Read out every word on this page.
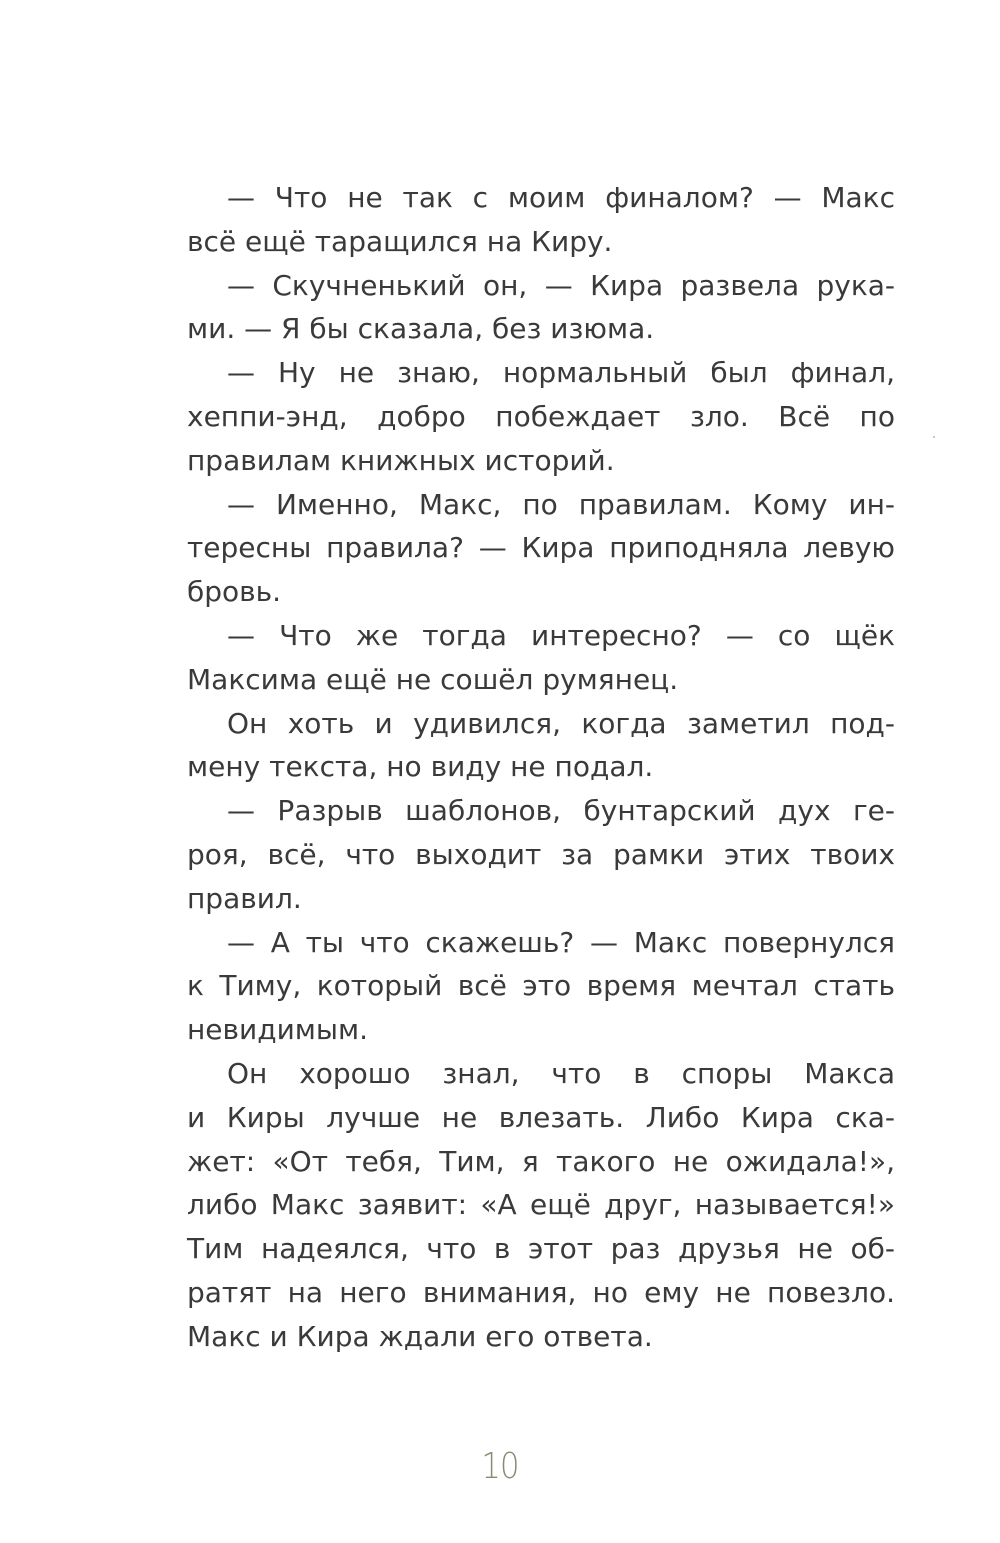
— Что не так с моим финалом? — Макс
всё ещё таращился на Киру.
— Скучненький он, — Кира развела рука-
ми. — Я бы сказала, без изюма.
— Ну не знаю, нормальный был финал,
хеппи-энд, добро побеждает зло. Всё по
правилам книжных историй.
— Именно, Макс, по правилам. Кому ин-
тересны правила? — Кира приподняла левую
бровь.
— Что же тогда интересно? — со щёк
Максима ещё не сошёл румянец.
Он хоть и удивился, когда заметил под-
мену текста, но виду не подал.
— Разрыв шаблонов, бунтарский дух ге-
роя, всё, что выходит за рамки этих твоих
правил.
— А ты что скажешь? — Макс повернулся
к Тиму, который всё это время мечтал стать
невидимым.
Он хорошо знал, что в споры Макса
и Киры лучше не влезать. Либо Кира ска-
жет: «От тебя, Тим, я такого не ожидала!»,
либо Макс заявит: «А ещё друг, называется!»
Тим надеялся, что в этот раз друзья не об-
ратят на него внимания, но ему не повезло.
Макс и Кира ждали его ответа.
10
